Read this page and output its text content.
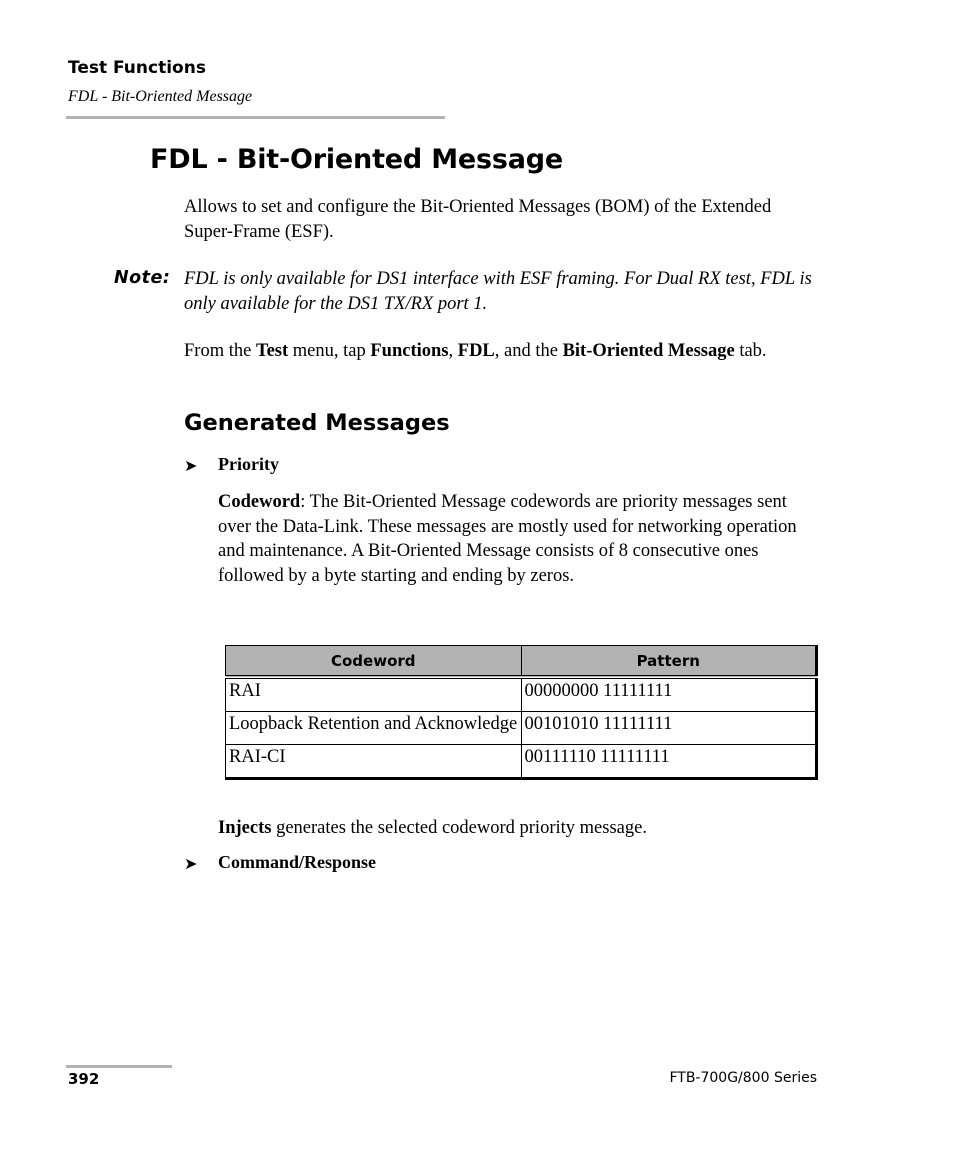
Test Functions
FDL - Bit-Oriented Message
FDL - Bit-Oriented Message
Allows to set and configure the Bit-Oriented Messages (BOM) of the Extended Super-Frame (ESF).
Note: FDL is only available for DS1 interface with ESF framing. For Dual RX test, FDL is only available for the DS1 TX/RX port 1.
From the Test menu, tap Functions, FDL, and the Bit-Oriented Message tab.
Generated Messages
➤ Priority
Codeword: The Bit-Oriented Message codewords are priority messages sent over the Data-Link. These messages are mostly used for networking operation and maintenance. A Bit-Oriented Message consists of 8 consecutive ones followed by a byte starting and ending by zeros.
Codeword	Pattern
RAI	00000000 11111111
Loopback Retention and Acknowledge	00101010 11111111
RAI-CI	00111110 11111111
Injects generates the selected codeword priority message.
➤ Command/Response
392	FTB-700G/800 Series
